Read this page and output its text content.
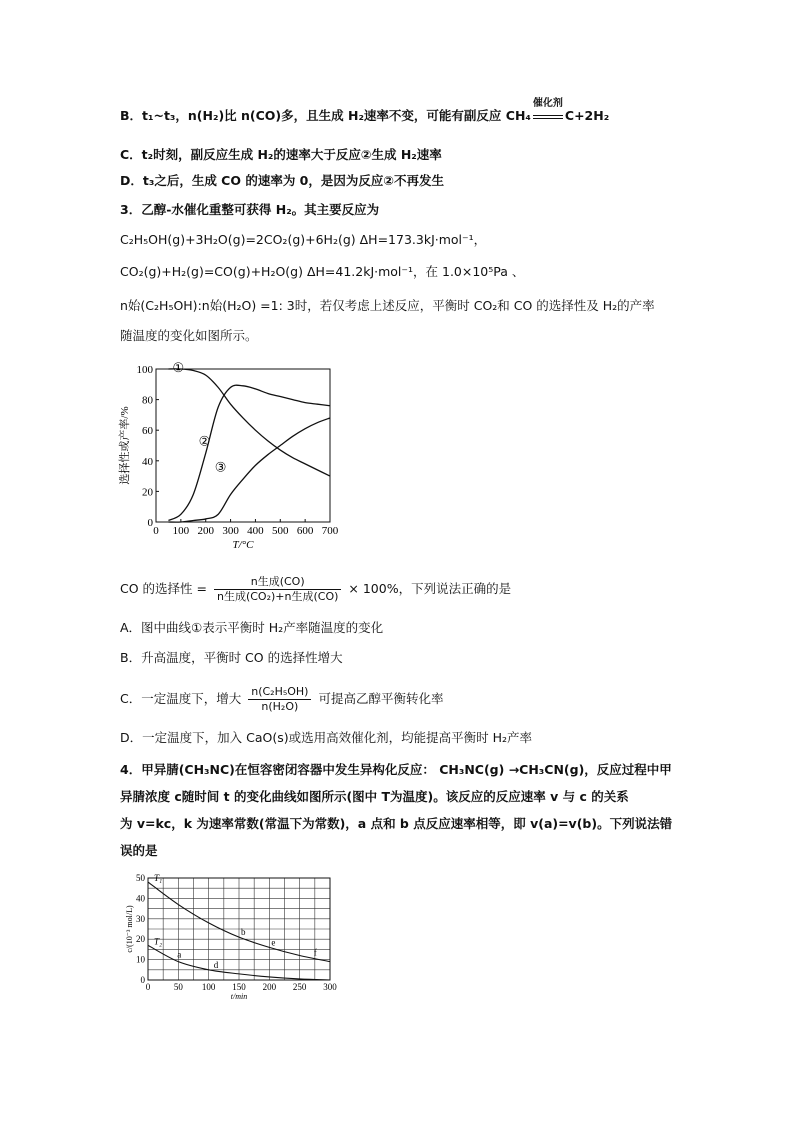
B．t₁~t₃，n(H₂)比 n(CO)多，且生成 H₂速率不变，可能有副反应 CH₄
催化剂
C+2H₂
C．t₂时刻，副反应生成 H₂的速率大于反应②生成 H₂速率
D．t₃之后，生成 CO 的速率为 0，是因为反应②不再发生
3．乙醇-水催化重整可获得 H₂。其主要反应为
C₂H₅OH(g)+3H₂O(g)=2CO₂(g)+6H₂(g) ΔH=173.3kJ·mol⁻¹，
CO₂(g)+H₂(g)=CO(g)+H₂O(g) ΔH=41.2kJ·mol⁻¹，在 1.0×10⁵Pa 、
n始(C₂H₅OH):n始(H₂O) =1: 3时，若仅考虑上述反应，平衡时 CO₂和 CO 的选择性及 H₂的产率
随温度的变化如图所示。
0 100 200 300 400 500 600 700
0
20
40
60
80
100
T/°C
选择性或产率/%
①
②
③
CO 的选择性 = $\frac{\text{n生成(CO)}}{\text{n生成(CO₂)+n生成(CO)}} \times 100\%$，下列说法正确的是
A．图中曲线①表示平衡时 H₂产率随温度的变化
B．升高温度，平衡时 CO 的选择性增大
C．一定温度下，增大 $\frac{\text{n(C₂H₅OH)}}{\text{n(H₂O)}}$ 可提高乙醇平衡转化率
D．一定温度下，加入 CaO(s)或选用高效催化剂，均能提高平衡时 H₂产率
4．甲异腈(CH₃NC)在恒容密闭容器中发生异构化反应： CH₃NC(g) →CH₃CN(g)，反应过程中甲
异腈浓度 c随时间 t 的变化曲线如图所示(图中 T为温度)。该反应的反应速率 v 与 c 的关系
为 v=kc，k 为速率常数(常温下为常数)，a 点和 b 点反应速率相等，即 v(a)=v(b)。下列说法错
误的是
0	50 100 150 200 250 300
0
10
20
30
40
50
t/min
c/(10⁻³ mol/L)
T₁
T₂
a
b
d
e
f
